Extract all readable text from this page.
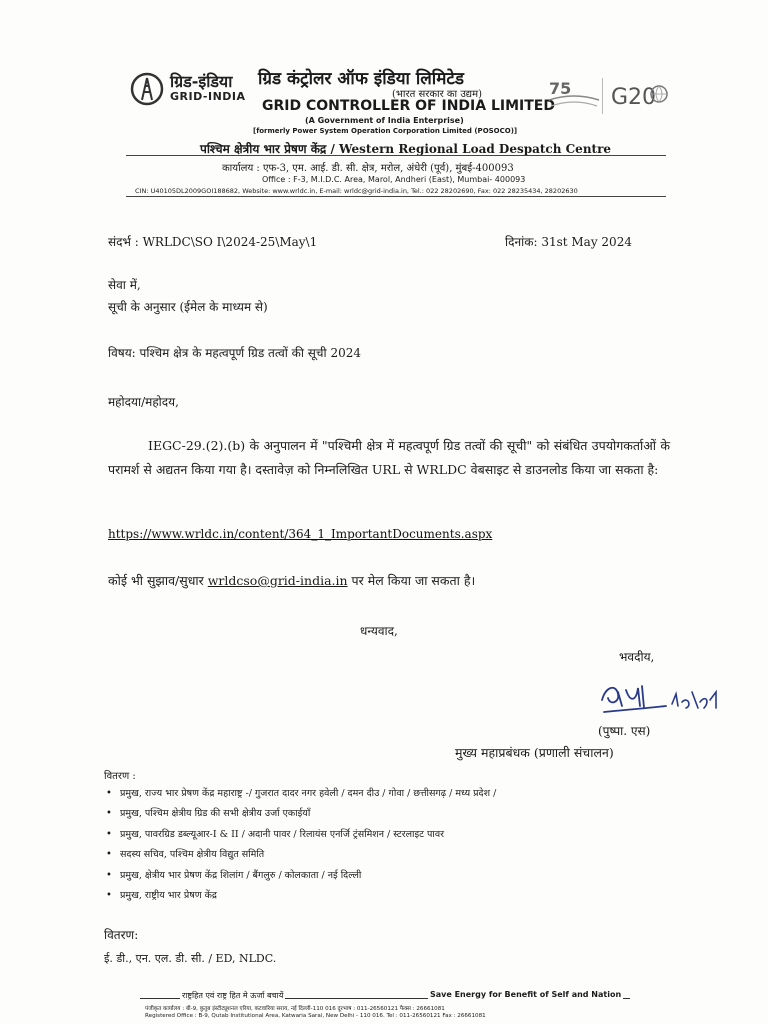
ग्रिड-इंडिया
GRID-INDIA
ग्रिड कंट्रोलर ऑफ इंडिया लिमिटेड
(भारत सरकार का उद्यम)
GRID CONTROLLER OF INDIA LIMITED
(A Government of India Enterprise)
[formerly Power System Operation Corporation Limited (POSOCO)]
75 G20
पश्चिम क्षेत्रीय भार प्रेषण केंद्र / Western Regional Load Despatch Centre
कार्यालय : एफ-3, एम. आई. डी. सी. क्षेत्र, मरोल, अंधेरी (पूर्व), मुंबई-400093
Office : F-3, M.I.D.C. Area, Marol, Andheri (East), Mumbai- 400093
CIN: U40105DL2009GOI188682, Website: www.wrldc.in, E-mail: wrldc@grid-india.in, Tel.: 022 28202690, Fax: 022 28235434, 28202630
संदर्भ : WRLDC\SO I\2024-25\May\1	दिनांक: 31st May 2024
सेवा में,
सूची के अनुसार (ईमेल के माध्यम से)
विषय: पश्चिम क्षेत्र के महत्वपूर्ण ग्रिड तत्वों की सूची 2024
महोदया/महोदय,
IEGC-29.(2).(b) के अनुपालन में "पश्चिमी क्षेत्र में महत्वपूर्ण ग्रिड तत्वों की सूची" को संबंधित उपयोगकर्ताओं के परामर्श से अद्यतन किया गया है। दस्तावेज़ को निम्नलिखित URL से WRLDC वेबसाइट से डाउनलोड किया जा सकता है:
https://www.wrldc.in/content/364_1_ImportantDocuments.aspx
कोई भी सुझाव/सुधार wrldcso@grid-india.in पर मेल किया जा सकता है।
धन्यवाद,
भवदीय,
(पुष्पा. एस)
मुख्य महाप्रबंधक (प्रणाली संचालन)
वितरण :
• प्रमुख, राज्य भार प्रेषण केंद्र महाराष्ट्र -/ गुजरात दादर नगर हवेली / दमन दीउ / गोवा / छत्तीसगढ़ / मध्य प्रदेश /
• प्रमुख, पश्चिम क्षेत्रीय ग्रिड की सभी क्षेत्रीय उर्जा एकाईयाँ
• प्रमुख, पावरग्रिड डब्ल्यूआर-I & II / अदानी पावर / रिलायंस एनर्जि ट्रंसमिशन / स्टरलाइट पावर
• सदस्य सचिव, पश्चिम क्षेत्रीय विद्युत समिति
• प्रमुख, क्षेत्रीय भार प्रेषण केंद्र शिलांग / बैंगलुरु / कोलकाता / नई दिल्ली
• प्रमुख, राष्ट्रीय भार प्रेषण केंद्र
वितरण:
ई. डी., एन. एल. डी. सी. / ED, NLDC.
राष्ट्रहित एवं राष्ट्र हित मे ऊर्जा बचायें	Save Energy for Benefit of Self and Nation
पंजीकृत कार्यालय : बी-9, कुतुब इंस्टीट्यूशनल एरिया, कटवारिया सराय, नई दिल्ली-110 016 दूरभाष : 011-26560121 फैक्स : 26661081
Registered Office : B-9, Qutab Institutional Area, Katwaria Sarai, New Delhi - 110 016. Tel : 011-26560121 Fax : 26661081
